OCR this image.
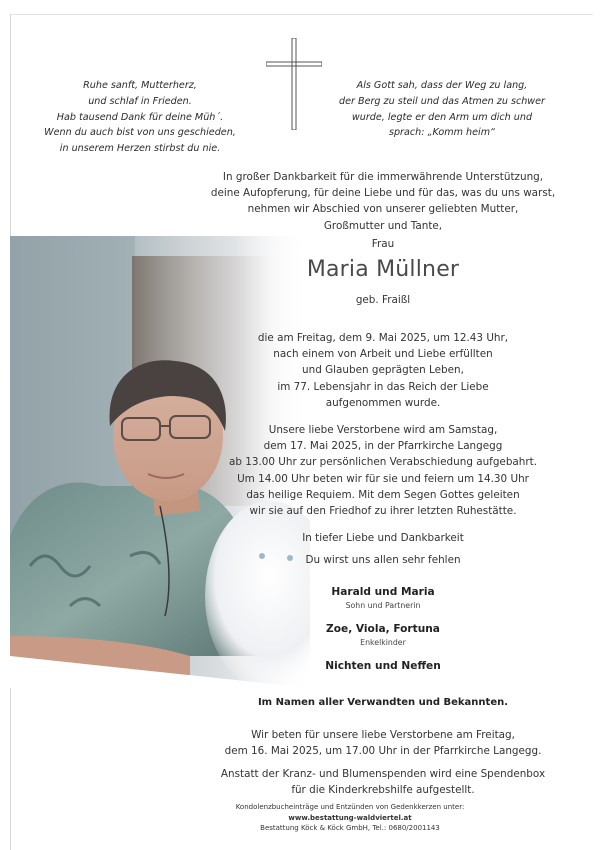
Ruhe sanft, Mutterherz,
und schlaf in Frieden.
Hab tausend Dank für deine Müh´.
Wenn du auch bist von uns geschieden,
in unserem Herzen stirbst du nie.
Als Gott sah, dass der Weg zu lang,
der Berg zu steil und das Atmen zu schwer
wurde, legte er den Arm um dich und
sprach: „Komm heim“
In großer Dankbarkeit für die immerwährende Unterstützung,
deine Aufopferung, für deine Liebe und für das, was du uns warst,
nehmen wir Abschied von unserer geliebten Mutter,
Großmutter und Tante,
Frau
Maria Müllner
geb. Fraißl
die am Freitag, dem 9. Mai 2025, um 12.43 Uhr,
nach einem von Arbeit und Liebe erfüllten
und Glauben geprägten Leben,
im 77. Lebensjahr in das Reich der Liebe
aufgenommen wurde.
Unsere liebe Verstorbene wird am Samstag,
dem 17. Mai 2025, in der Pfarrkirche Langegg
ab 13.00 Uhr zur persönlichen Verabschiedung aufgebahrt.
Um 14.00 Uhr beten wir für sie und feiern um 14.30 Uhr
das heilige Requiem. Mit dem Segen Gottes geleiten
wir sie auf den Friedhof zu ihrer letzten Ruhestätte.
In tiefer Liebe und Dankbarkeit
Du wirst uns allen sehr fehlen
Harald und Maria
Sohn und Partnerin
Zoe, Viola, Fortuna
Enkelkinder
Nichten und Neffen
Im Namen aller Verwandten und Bekannten.
Wir beten für unsere liebe Verstorbene am Freitag,
dem 16. Mai 2025, um 17.00 Uhr in der Pfarrkirche Langegg.
Anstatt der Kranz- und Blumenspenden wird eine Spendenbox
für die Kinderkrebshilfe aufgestellt.
Kondolenzbucheinträge und Entzünden von Gedenkkerzen unter:
www.bestattung-waldviertel.at
Bestattung Köck & Köck GmbH, Tel.: 0680/2001143
